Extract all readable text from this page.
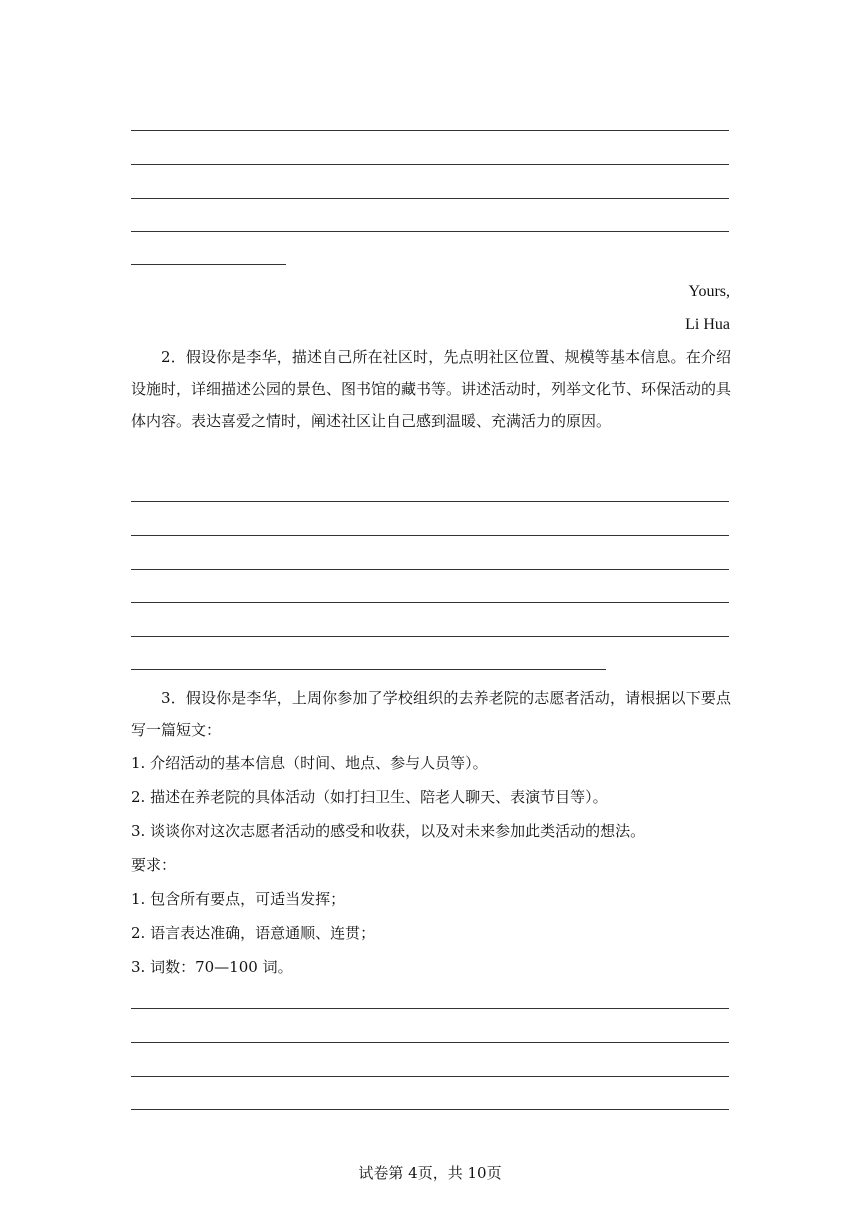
Yours,
Li Hua
2．假设你是李华，描述自己所在社区时，先点明社区位置、规模等基本信息。在介绍设施时，详细描述公园的景色、图书馆的藏书等。讲述活动时，列举文化节、环保活动的具体内容。表达喜爱之情时，阐述社区让自己感到温暖、充满活力的原因。
3．假设你是李华，上周你参加了学校组织的去养老院的志愿者活动，请根据以下要点写一篇短文：
1. 介绍活动的基本信息（时间、地点、参与人员等）。
2. 描述在养老院的具体活动（如打扫卫生、陪老人聊天、表演节目等）。
3. 谈谈你对这次志愿者活动的感受和收获，以及对未来参加此类活动的想法。
要求：
1. 包含所有要点，可适当发挥；
2. 语言表达准确，语意通顺、连贯；
3. 词数：70—100 词。
试卷第 4页，共 10页
